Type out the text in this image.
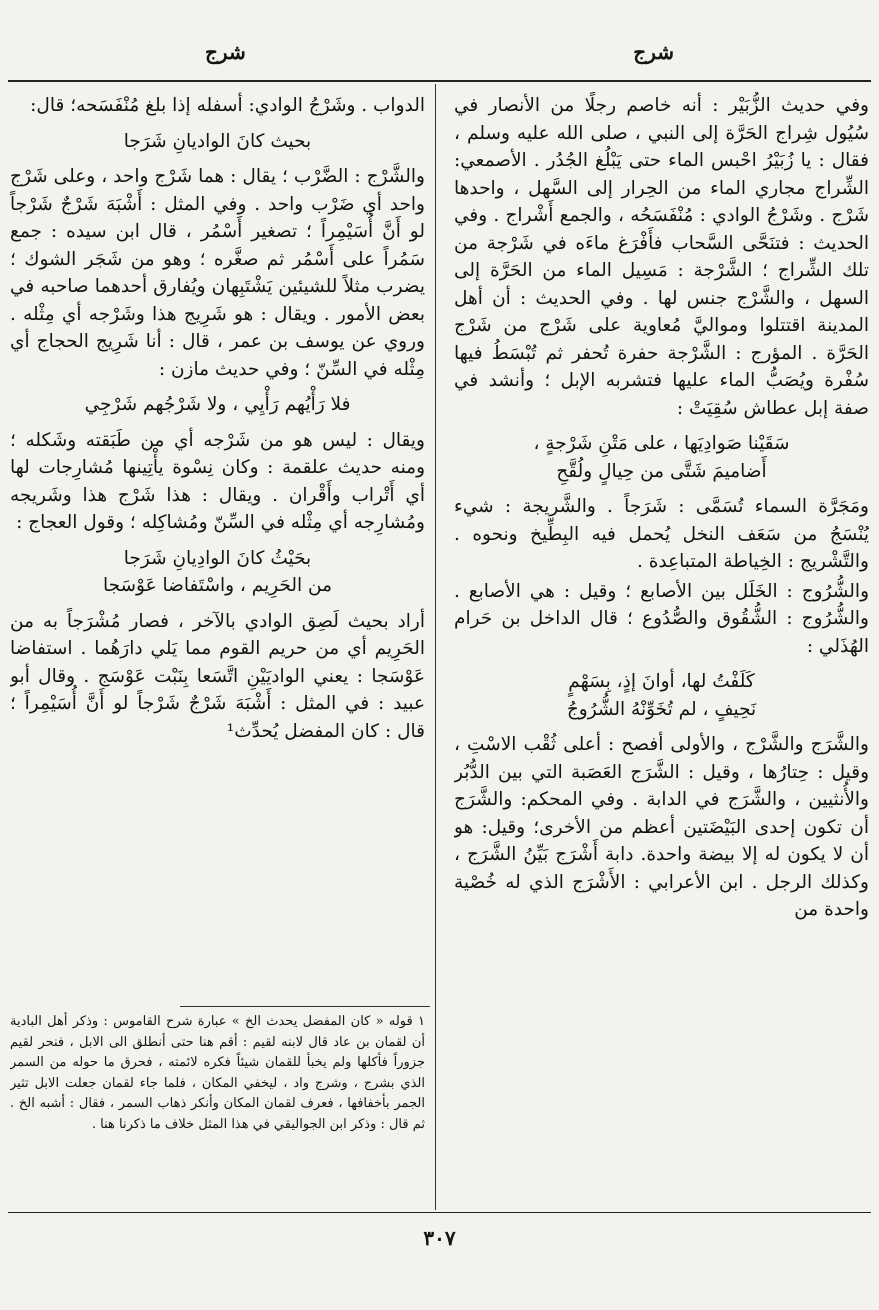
شرج
شرج

وفي حديث الزُّبَيْر : أنه خاصم رجلًا من الأنصار في سُيُول شِراج الحَرَّة إلى النبي ، صلى الله عليه وسلم ، فقال : يا زُبَيْرُ احْبس الماء حتى يَبْلُغ الجُدُر . الأصمعي: الشِّراج مجاري الماء من الحِرار إلى السَّهل ، واحدها شَرْج . وشَرْجُ الوادي : مُنْفَسَحُه ، والجمع أَشْراج . وفي الحديث : فتنَحَّى السَّحاب فأَفْرَغ ماءَه في شَرْجة من تلك الشِّراج ؛ الشَّرْجة : مَسِيل الماء من الحَرَّة إلى السهل ، والشَّرْج جنس لها . وفي الحديث : أن أهل المدينة اقتتلوا ومواليَّ مُعاوية على شَرْج من شَرْج الحَرَّة . المؤرج : الشَّرْجة حفرة تُحفر ثم تُبْسَطُ فيها سُفْرة ويُصَبُّ الماء عليها فتشربه الإبل ؛ وأنشد في صفة إبل عطاش سُقِيَتْ :

سَقَيْنا صَوادِيَها ، على مَتْنِ شَرْجةٍ ،
أَضاميمَ شَتَّى من حِيالٍ ولُقَّحِ

ومَجَرَّة السماء تُسَمَّى : شَرَجاً . والشَّريجة : شيء يُنْسَجُ من سَعَف النخل يُحمل فيه البِطِّيخ ونحوه . والتَّشْريج : الخِياطة المتباعِدة .

والشُّرُوج : الخَلَل بين الأصابع ؛ وقيل : هي الأصابع . والشُّرُوج : الشُّقُوق والصُّدُوع ؛ قال الداخل بن حَرام الهُذَلي :

كَلَفْتُ لها، أوانَ إذٍ، بِسَهْمٍ
نَحِيفٍ ، لم تُخَوِّنْهُ الشُّرُوجُ

والشَّرَج والشَّرْج ، والأولى أفصح : أعلى ثُقْب الاسْتِ ، وقيل : حِتارُها ، وقيل : الشَّرَج العَصَبة التي بين الدُّبُر والأُنثيين ، والشَّرَج في الدابة . وفي المحكم: والشَّرَج أن تكون إحدى البَيْضَتين أعظم من الأخرى؛ وقيل: هو أن لا يكون له إلا بيضة واحدة. دابة أَشْرَج بَيِّنُ الشَّرَج ، وكذلك الرجل . ابن الأعرابي : الأَشْرَج الذي له خُصْية واحدة من

الدواب . وشَرْجُ الوادي: أسفله إذا بلغ مُنْفَسَحه؛ قال:

بحيث كانَ الواديانِ شَرَجا

والشَّرْج : الضَّرْب ؛ يقال : هما شَرْج واحد ، وعلى شَرْج واحد أي ضَرْب واحد . وفي المثل : أَشْبَهَ شَرْجٌ شَرْجاً لو أَنَّ أُسَيْمِراً ؛ تصغير أَسْمُر ، قال ابن سيده : جمع سَمُراً على أَسْمُر ثم صغَّره ؛ وهو من شَجَر الشوك ؛ يضرب مثلاً للشيئين يَشْتَبِهان ويُفارق أحدهما صاحبه في بعض الأمور . ويقال : هو شَرِيج هذا وشَرْجه أي مِثْله . وروي عن يوسف بن عمر ، قال : أنا شَرِيج الحجاج أي مِثْله في السِّنّ ؛ وفي حديث مازن :

فلا رَأْيُهم رَأْيِي ، ولا شَرْجُهم شَرْجِي

ويقال : ليس هو من شَرْجه أي من طَبَقته وشَكله ؛ ومنه حديث علقمة : وكان نِسْوة يأْتِينها مُشارِجات لها أي أَتْراب وأَقْران . ويقال : هذا شَرْج هذا وشَريجه ومُشارِجه أي مِثْله في السِّنّ ومُشاكِله ؛ وقول العجاج :

بحَيْثُ كانَ الوادِيانِ شَرَجا
من الحَرِيم ، واسْتَفاضا عَوْسَجا

أراد بحيث لَصِق الوادي بالآخر ، فصار مُشْرَجاً به من الحَرِيم أي من حريم القوم مما يَلي دارَهُما . استفاضا عَوْسَجا : يعني الواديَيْنِ اتَّسَعا بِنَبْت عَوْسَج . وقال أبو عبيد : في المثل : أَشْبَهَ شَرْجٌ شَرْجاً لو أَنَّ أُسَيْمِراً ؛ قال : كان المفضل يُحدِّث¹

١ قوله « كان المفضل يحدث الخ » عبارة شرح القاموس : وذكر أهل البادية أن لقمان بن عاد قال لابنه لقيم : أقم هنا حتى أنطلق الى الابل ، فنحر لقيم جزوراً فأكلها ولم يخبأ للقمان شيئاً فكره لائمته ، فحرق ما حوله من السمر الذي بشرج ، وشرج واد ، ليخفي المكان ، فلما جاء لقمان جعلت الابل تثير الجمر بأخفافها ، فعرف لقمان المكان وأنكر ذهاب السمر ، فقال : أشبه الخ . ثم قال : وذكر ابن الجواليقي في هذا المثل خلاف ما ذكرنا هنا .
٣٠٧
